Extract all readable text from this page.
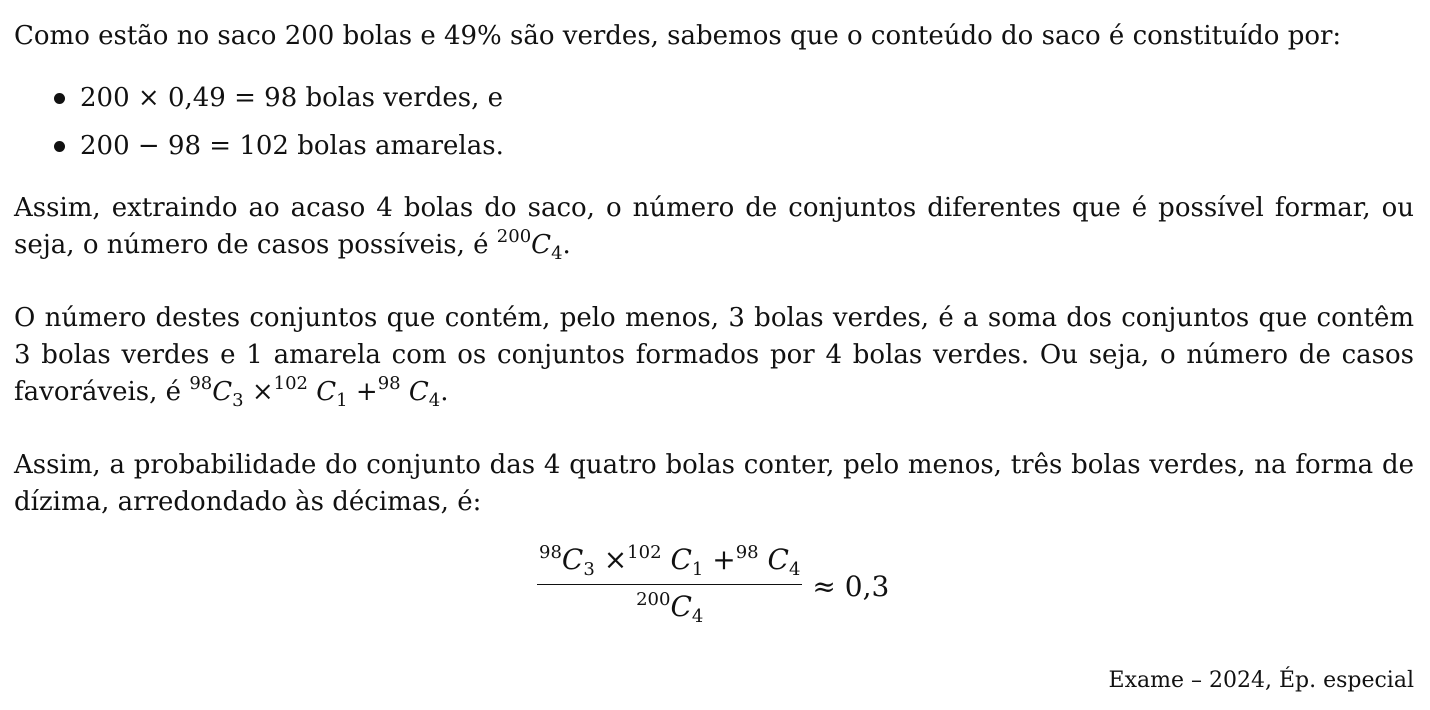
Como estão no saco 200 bolas e 49% são verdes, sabemos que o conteúdo do saco é constituído por:

200 × 0,49 = 98 bolas verdes, e
200 − 98 = 102 bolas amarelas.

Assim, extraindo ao acaso 4 bolas do saco, o número de conjuntos diferentes que é possível formar, ou seja, o número de casos possíveis, é $^{200}C_4$.

O número destes conjuntos que contém, pelo menos, 3 bolas verdes, é a soma dos conjuntos que contêm 3 bolas verdes e 1 amarela com os conjuntos formados por 4 bolas verdes. Ou seja, o número de casos favoráveis, é $^{98}C_3 \times^{102}$ $C_1 +^{98}$ $C_4$.

Assim, a probabilidade do conjunto das 4 quatro bolas conter, pelo menos, três bolas verdes, na forma de dízima, arredondado às décimas, é:

$\frac{^{98}C_3 \times^{102} C_1 +^{98} C_4}{^{200}C_4} \approx 0,3$
Exame – 2024, Ép. especial
